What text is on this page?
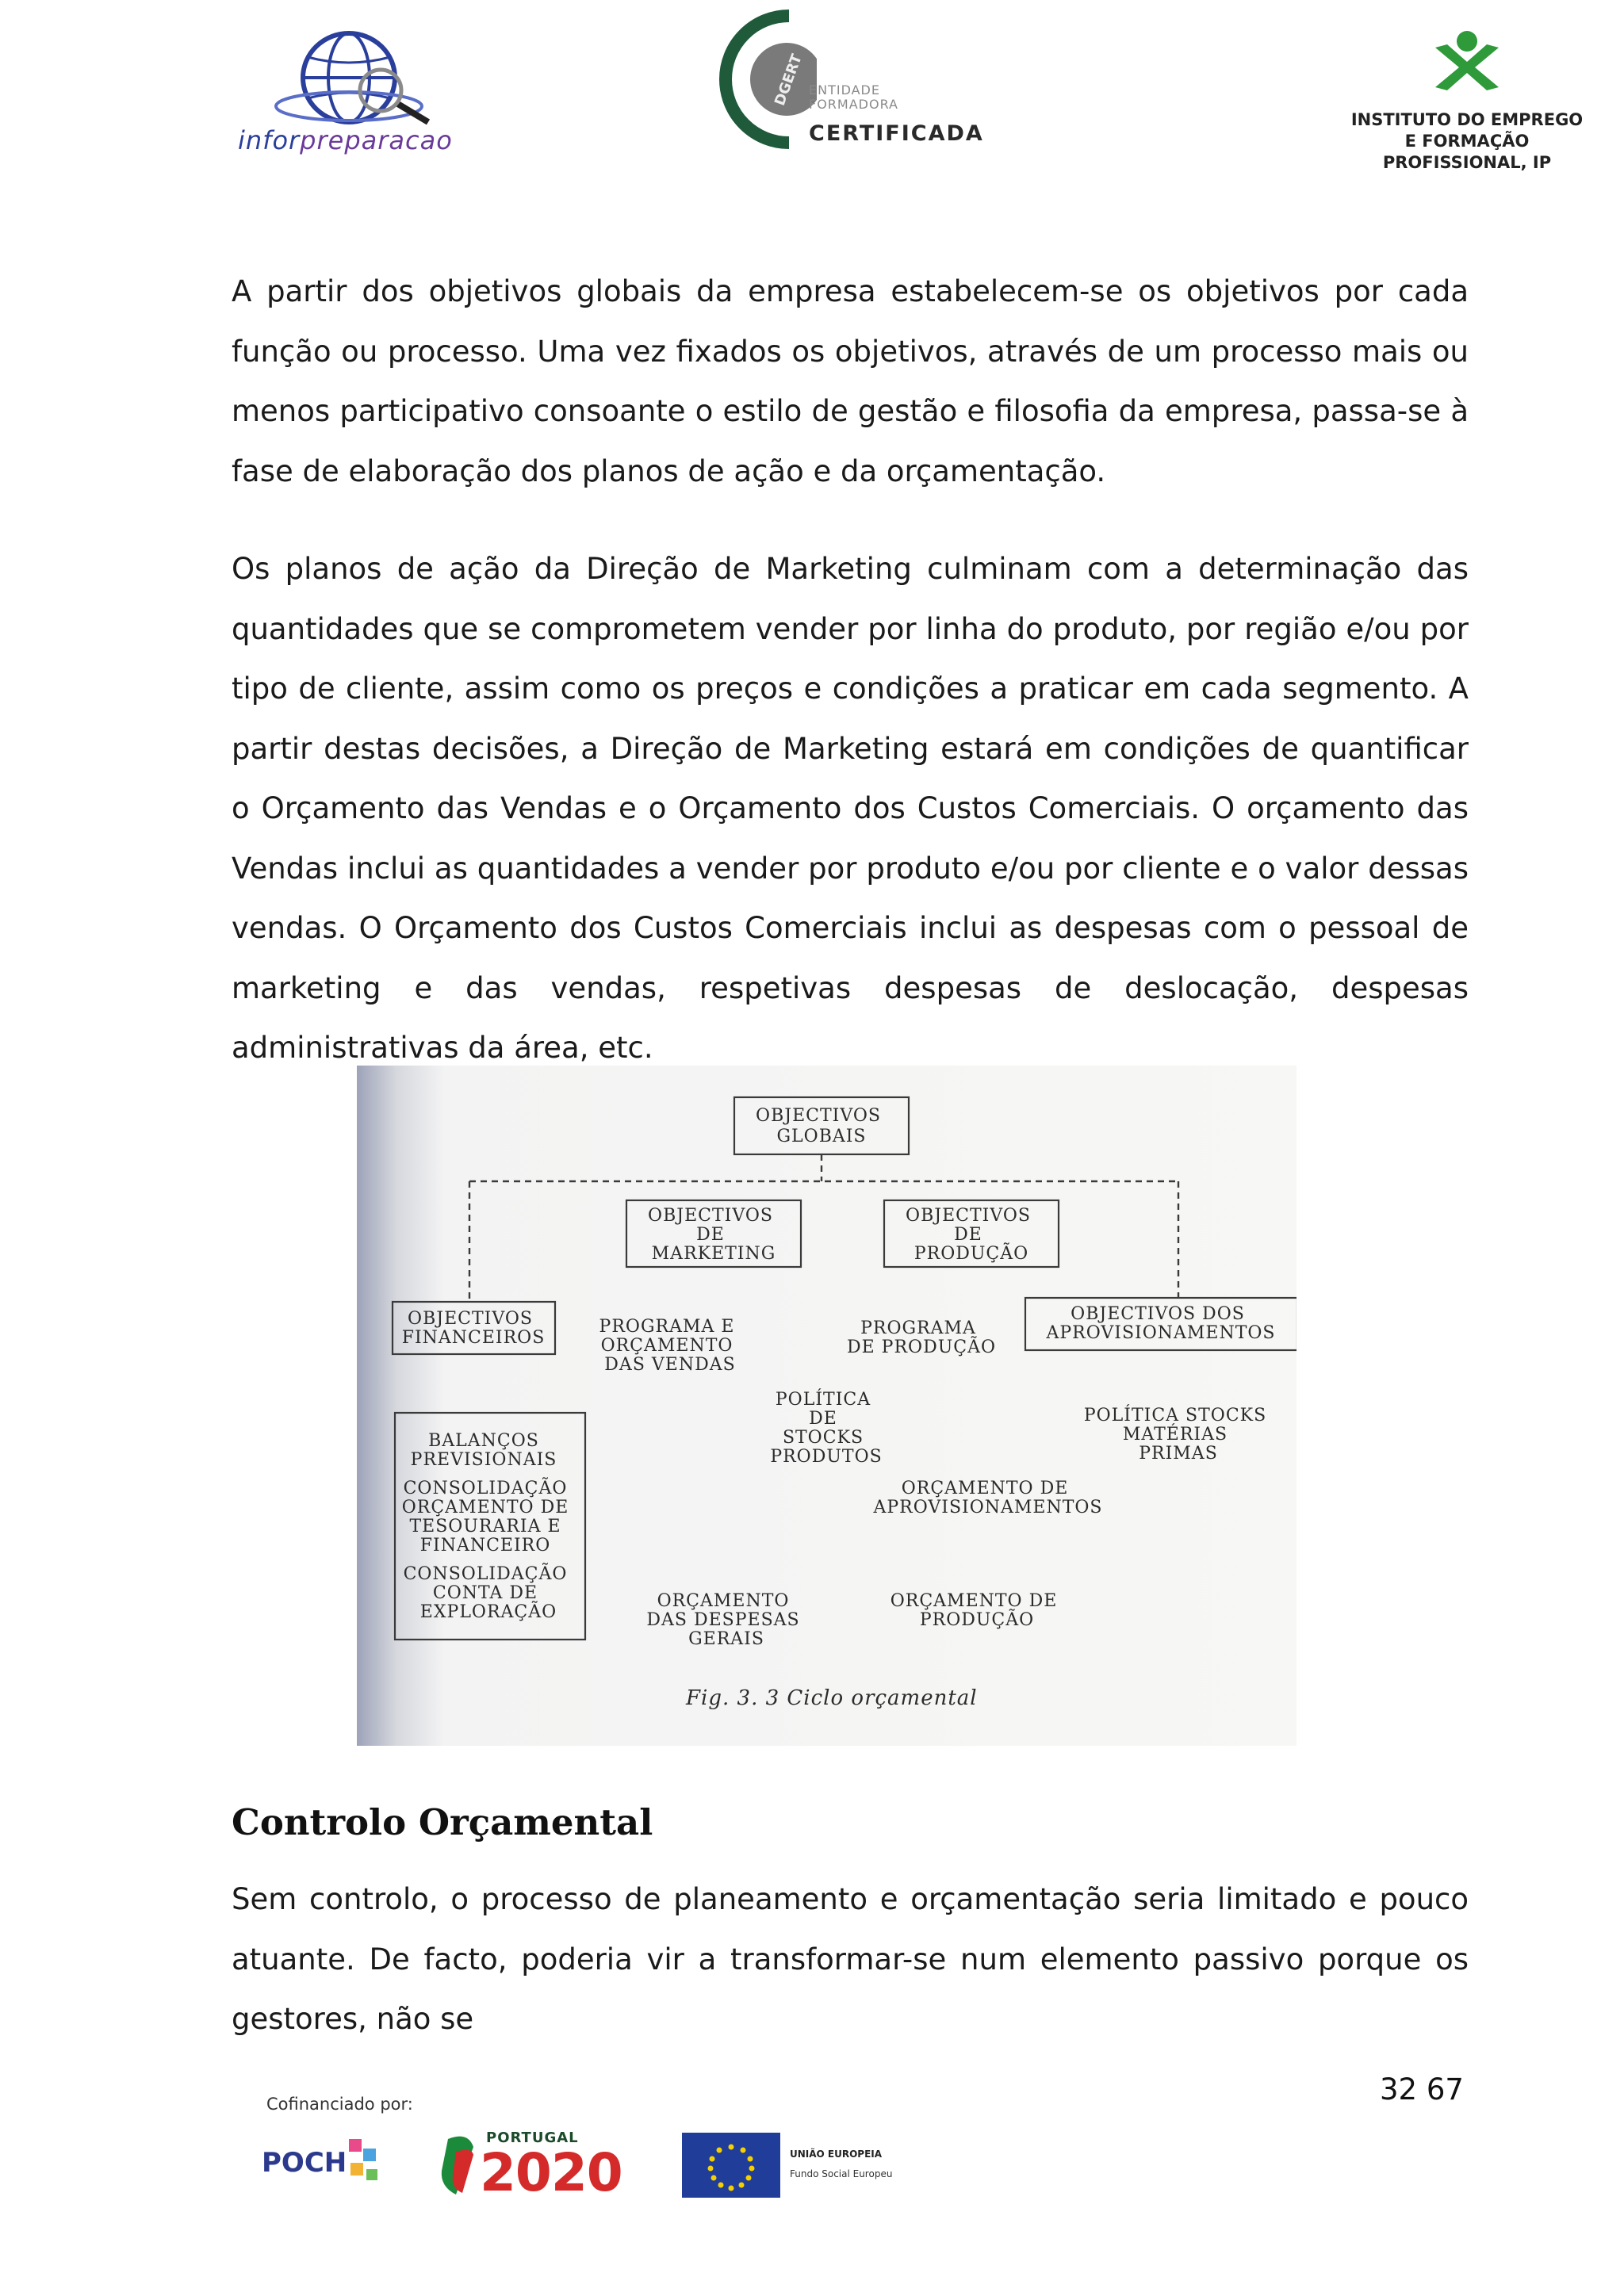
inforpreparacao
DGERT ENTIDADE
FORMADORA
CERTIFICADA
INSTITUTO DO EMPREGO
E FORMAÇÃO PROFISSIONAL, IP

A partir dos objetivos globais da empresa estabelecem-se os objetivos por cada função ou processo. Uma vez fixados os objetivos, através de um processo mais ou menos participativo consoante o estilo de gestão e filosofia da empresa, passa-se à fase de elaboração dos planos de ação e da orçamentação.

Os planos de ação da Direção de Marketing culminam com a determinação das quantidades que se comprometem vender por linha do produto, por região e/ou por tipo de cliente, assim como os preços e condições a praticar em cada segmento. A partir destas decisões, a Direção de Marketing estará em condições de quantificar o Orçamento das Vendas e o Orçamento dos Custos Comerciais. O orçamento das Vendas inclui as quantidades a vender por produto e/ou por cliente e o valor dessas vendas. O Orçamento dos Custos Comerciais inclui as despesas com o pessoal de marketing e das vendas, respetivas despesas de deslocação, despesas administrativas da área, etc.

OBJECTIVOS GLOBAIS
OBJECTIVOS DE MARKETING
OBJECTIVOS DE PRODUÇÃO
OBJECTIVOS FINANCEIROS
OBJECTIVOS DOS APROVISIONAMENTOS
PROGRAMA E ORÇAMENTO DAS VENDAS
PROGRAMA DE PRODUÇÃO
POLÍTICA DE STOCKS PRODUTOS
POLÍTICA STOCKS MATÉRIAS PRIMAS
BALANÇOS PREVISIONAIS CONSOLIDAÇÃO ORÇAMENTO DE TESOURARIA E FINANCEIRO CONSOLIDAÇÃO CONTA DE EXPLORAÇÃO
ORÇAMENTO DE APROVISIONAMENTOS
ORÇAMENTO DE PRODUÇÃO
ORÇAMENTO DAS DESPESAS GERAIS
Fig. 3. 3 Ciclo orçamental
Controlo Orçamental

Sem controlo, o processo de planeamento e orçamentação seria limitado e pouco atuante. De facto, poderia vir a transformar-se num elemento passivo porque os gestores, não se

32 67
Cofinanciado por:
POCH
PORTUGAL
2020	UNIÃO EUROPEIA
Fundo Social Europeu
